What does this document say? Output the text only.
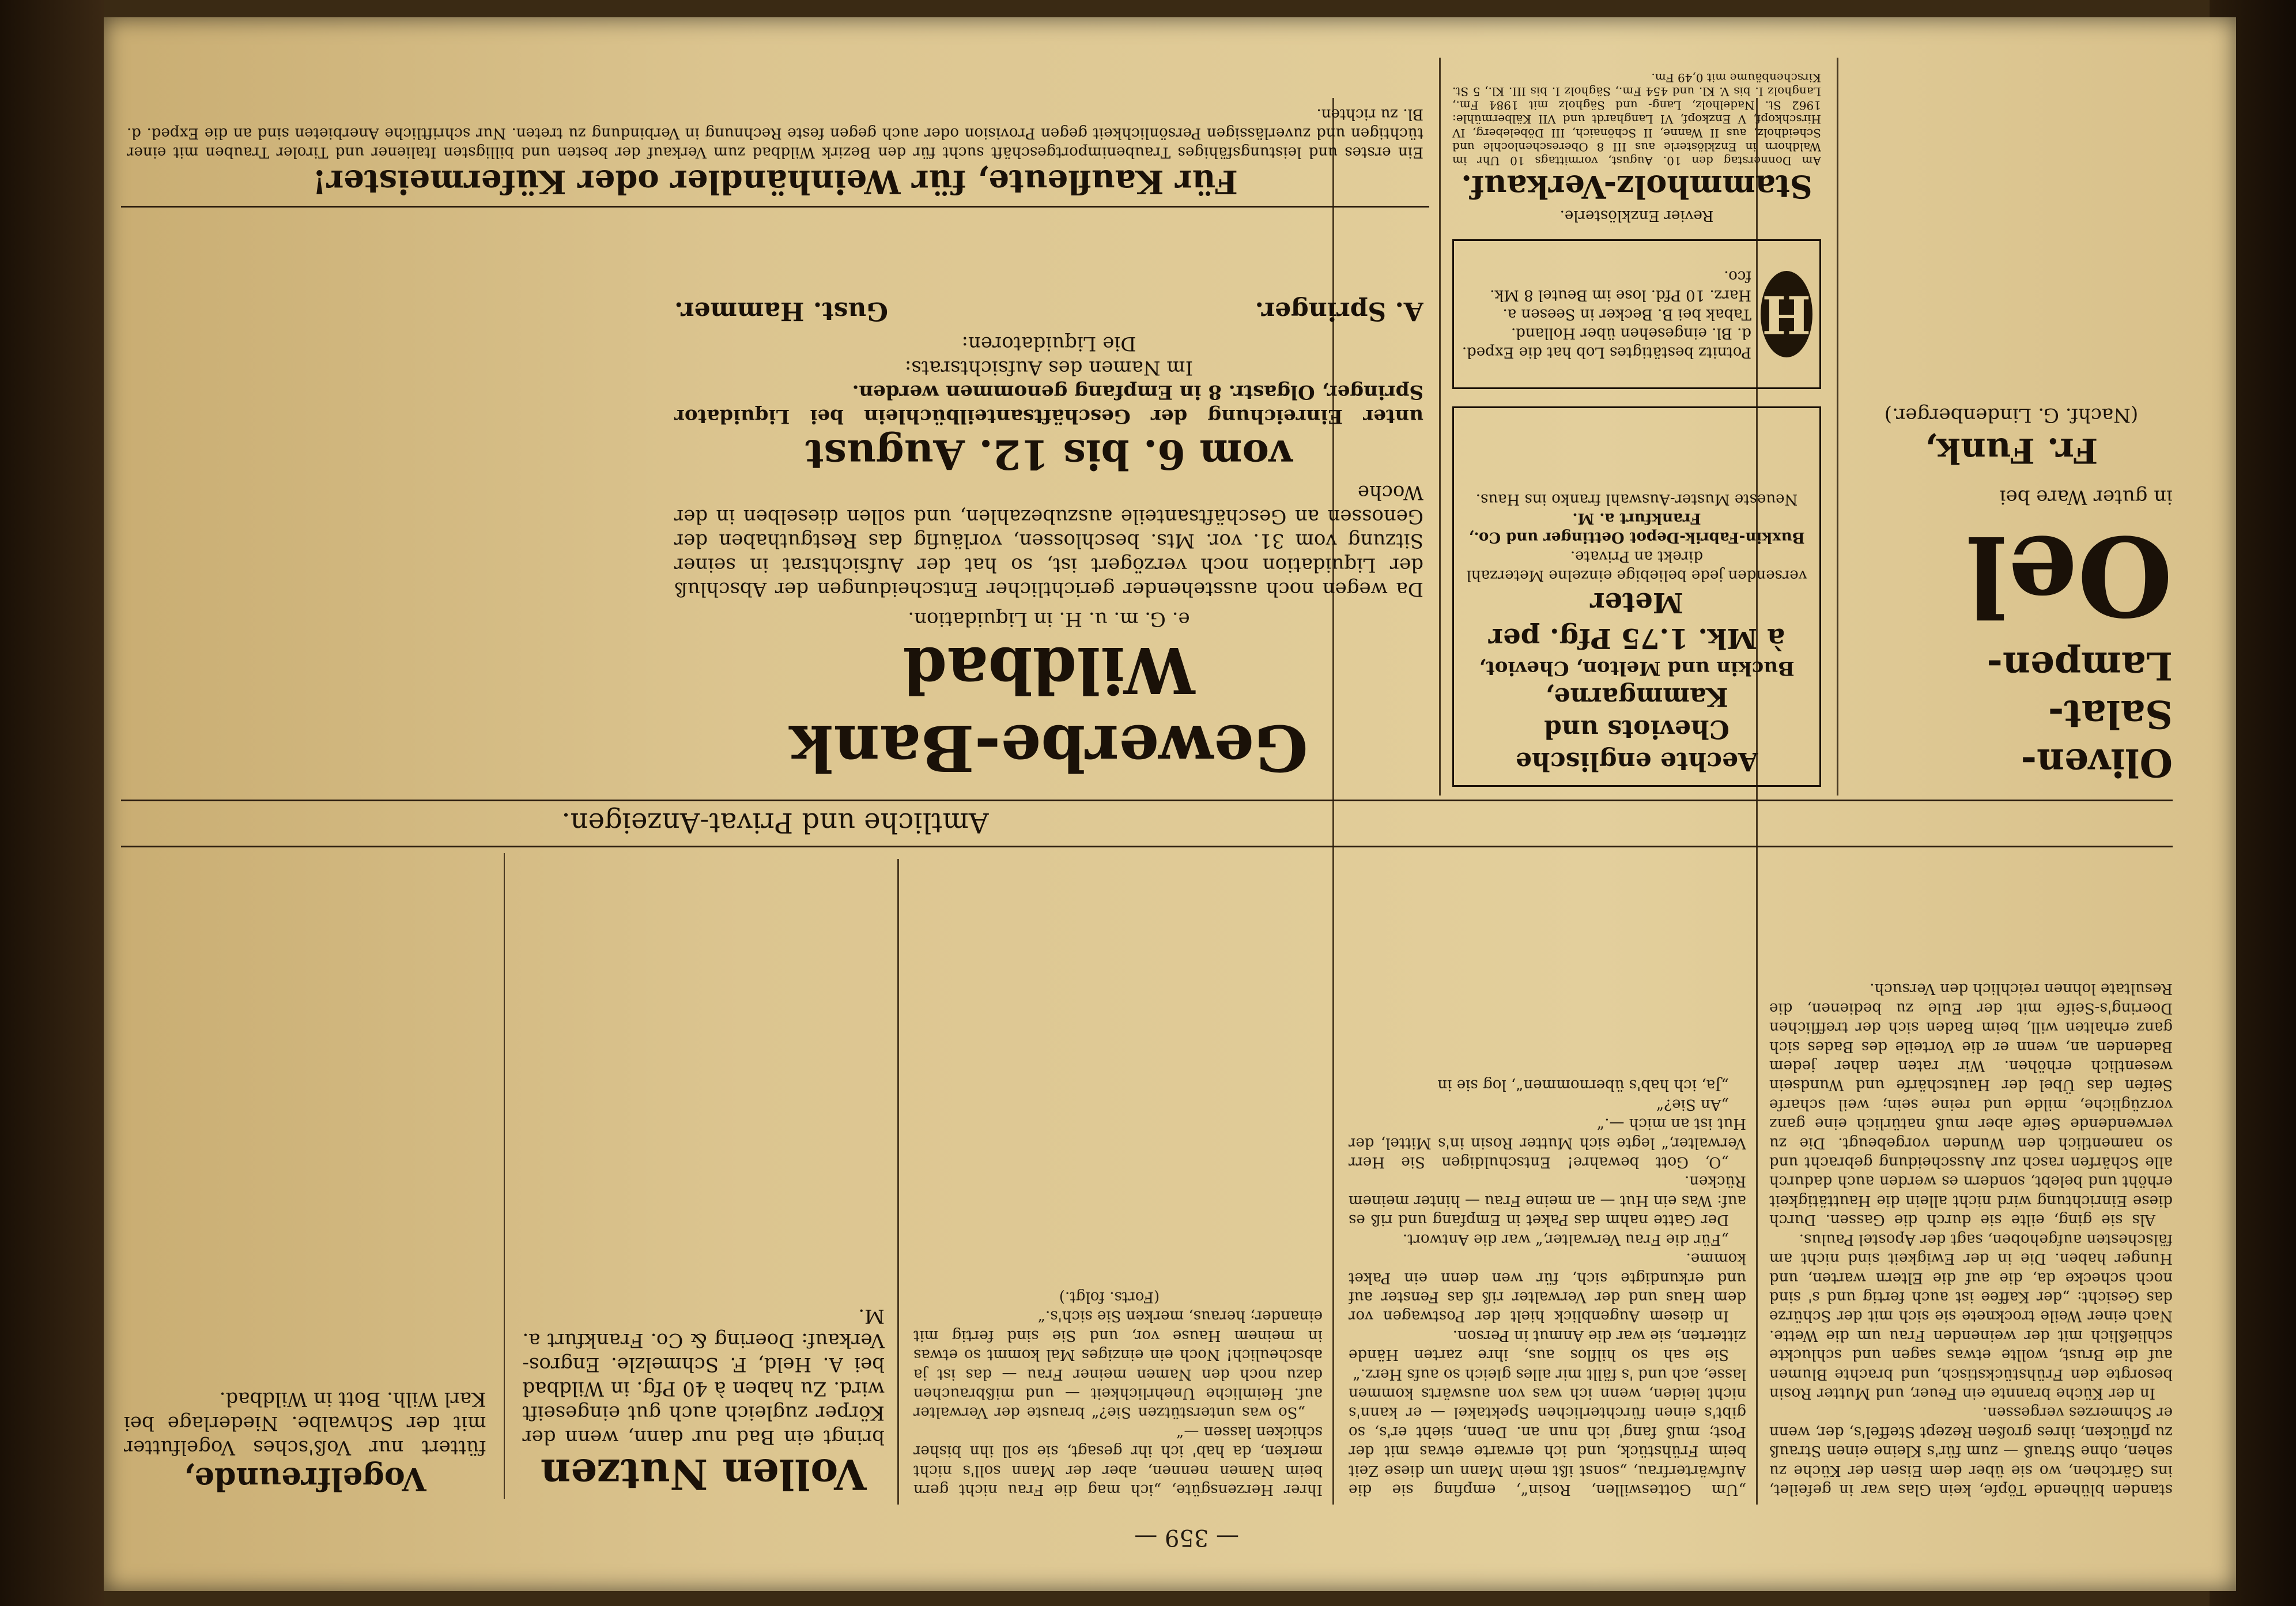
— 359 —

standen blühende Töpfe, kein Glas war in gefeilet, ins Gärtchen, wo sie über dem Eisen der Küche zu sehen, ohne Strauß — zum für's Kleine einen Strauß zu pflücken, ihres großen Rezept Steffel's, der, wenn er Schmerzes vergessen.

In der Küche brannte ein Feuer, und Mutter Rosin besorgte den Frühstückstisch, und brachte Blumen auf die Brust, wollte etwas sagen und schluckte schließlich mit der weinenden Frau um die Wette. Nach einer Weile trocknete sie sich mit der Schürze das Gesicht: „der Kaffee ist auch fertig und s' sind noch schecke da, die auf die Eltern warten, und Hunger haben. Die in der Ewigkeit sind nicht am fälschesten aufgehoben, sagt der Apostel Paulus.

Als sie ging, eilte sie durch die Gassen. Durch diese Einrichtung wird nicht allein die Hauttätigkeit erhöht und belebt, sondern es werden auch dadurch alle Schärfen rasch zur Ausscheidung gebracht und so namentlich den Wunden vorgebeugt. Die zu verwendende Seife aber muß natürlich eine ganz vorzügliche, milde und reine sein; weil scharfe Seifen das Übel der Hautschärfe und Wundsein wesentlich erhöhen. Wir raten daher jedem Badenden an, wenn er die Vorteile des Bades sich ganz erhalten will, beim Baden sich der trefflichen Doering's-Seife mit der Eule zu bedienen, die Resultate lohnen reichlich den Versuch.

„Um Gotteswillen, Rosin“, empfing sie die Aufwärterfrau, „sonst ißt mein Mann um diese Zeit beim Frühstück, und ich erwarte etwas mit der Post; muß fang' ich nun an. Denn, sieht er's, so gibt's einen fürchterlichen Spektakel — er kann's nicht leiden, wenn ich was von auswärts kommen lasse, ach und 's fällt mir alles gleich so aufs Herz.“

Sie sah so hilflos aus, ihre zarten Hände zitterten, sie war die Anmut in Person.

In diesem Augenblick hielt der Postwagen vor dem Haus und der Verwalter riß das Fenster auf und erkundigte sich, für wen denn ein Paket komme.

„Für die Frau Verwalter,“ war die Antwort.

Der Gatte nahm das Paket in Empfang und riß es auf: Was ein Hut — an meine Frau — hinter meinem Rücken.

„O, Gott bewahre! Entschuldigen Sie Herr Verwalter,“ legte sich Mutter Rosin in's Mittel, der Hut ist an mich —.“

„An Sie?“

„Ja, ich hab's übernommen“, log sie in

Ihrer Herzensgüte, „ich mag die Frau nicht gern beim Namen nennen, aber der Mann soll's nicht merken, da hab' ich ihr gesagt, sie soll ihn bisher schicken lassen —“

„So was unterstützen Sie?“ brauste der Verwalter auf. Heimliche Unehrlichkeit — und mißbrauchen dazu noch den Namen meiner Frau — das ist ja abscheulich! Noch ein einziges Mal kommt so etwas in meinem Hause vor, und Sie sind fertig mit einander; heraus, merken Sie sich's.“

(Forts. folgt.)

Vollen Nutzen
bringt ein Bad nur dann, wenn der Körper zugleich auch gut eingeseift wird. Zu haben à 40 Pfg. in Wildbad bei A. Held, F. Schmelzle. Engros-Verkauf: Doering & Co. Frankfurt a. M.
Vogelfreunde,
füttert nur Voß'sches Vogelfutter mit der Schwalbe. Niederlage bei Karl Wilh. Bott in Wildbad.
Amtliche und Privat-Anzeigen.
Oliven-
Salat-
Lampen-
Oel
in guter Ware bei
Fr. Funk,
(Nachf. G. Lindenberger.)
Aechte englische Cheviots und Kammgarne,
Buckin und Melton, Cheviot,
à Mk. 1.75 Pfg. per Meter
versenden jede beliebige einzelne Meterzahl direkt an Private.
Buxkin-Fabrik-Depot Oettinger und Co.,
Frankfurt a. M.
Neueste Muster-Auswahl franko ins Haus.
H
Potnitz bestätigtes Lob hat die Exped. d. Bl. eingesehen über Holland. Tabak bei B. Becker in Seesen a. Harz. 10 Pfd. lose im Beutel 8 Mk. fco.
Revier Enzklösterle.
Stammholz-Verkauf.
Am Donnerstag den 10. August, vormittags 10 Uhr im Waldhorn in Enzklösterle aus III 8 Obereschenlochle und Scheidholz, aus II Wanne, II Schönaich, III Döbeleberg, IV Hirschkopf, V Enzkopf, VI Langhardt und VII Kälbermühle: 1962 St. Nadelholz, Lang- und Sägholz mit 1984 Fm., Langholz I. bis V. Kl. und 454 Fm., Sägholz I. bis III. Kl., 5 St. Kirschenbäume mit 0,49 Fm.
Gewerbe-Bank Wildbad
e. G. m. u. H. in Liquidation.
Da wegen noch ausstehender gerichtlicher Entscheidungen der Abschluß der Liquidation noch verzögert ist, so hat der Aufsichtsrat in seiner Sitzung vom 31. vor. Mts. beschlossen, vorläufig das Restguthaben der Genossen an Geschäftsanteile auszubezahlen, und sollen dieselben in der Woche
vom 6. bis 12. August
unter Einreichung der Geschäftsanteilbüchlein bei Liquidator Springer, Olgastr. 8 in Empfang genommen werden.
Im Namen des Aufsichtsrats:
Die Liquidatoren:
A. Springer.
Gust. Hammer.
Für Kaufleute, für Weinhändler oder Küfermeister!
Ein erstes und leistungsfähiges Traubenimportgeschäft sucht für den Bezirk Wildbad zum Verkauf der besten und billigsten Italiener und Tiroler Trauben mit einer tüchtigen und zuverlässigen Persönlichkeit gegen Provision oder auch gegen feste Rechnung in Verbindung zu treten. Nur schriftliche Anerbieten sind an die Exped. d. Bl. zu richten.
